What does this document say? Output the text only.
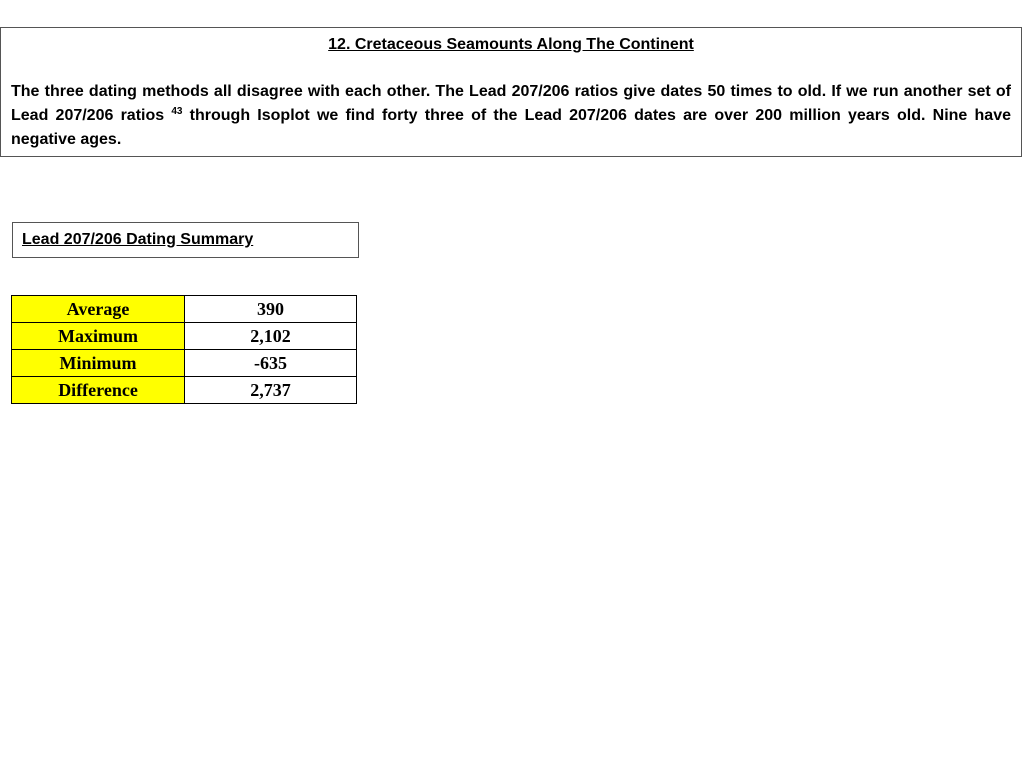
12. Cretaceous Seamounts Along The Continent

The three dating methods all disagree with each other. The Lead 207/206 ratios give dates 50 times to old. If we run another set of Lead 207/206 ratios $^{43}$ through Isoplot we find forty three of the Lead 207/206 dates are over 200 million years old. Nine have negative ages.
Lead 207/206 Dating Summary
Average	390
Maximum	2,102
Minimum	-635
Difference	2,737
